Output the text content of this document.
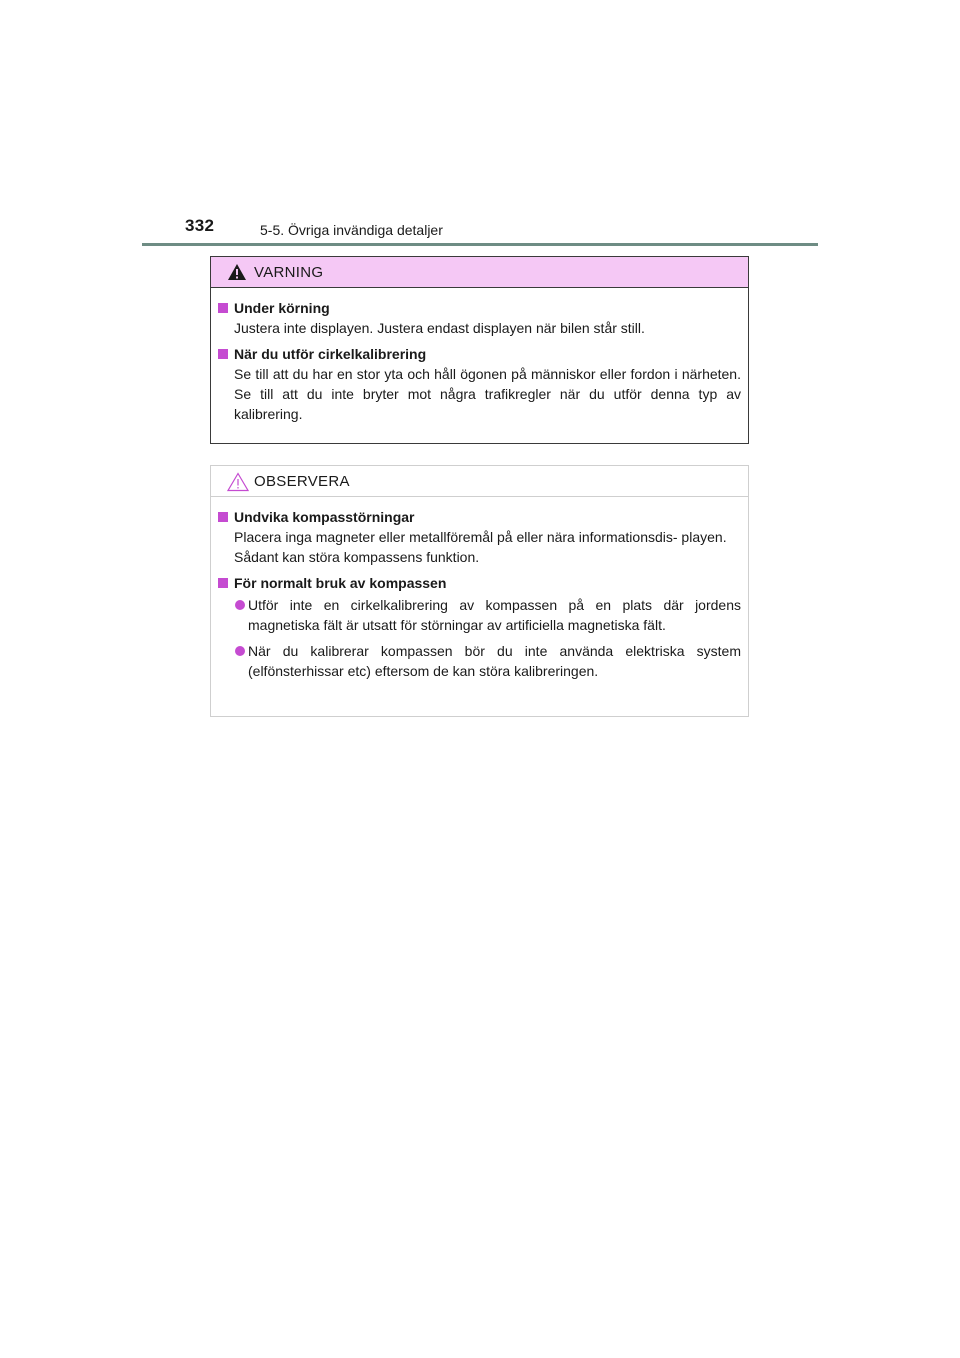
332	5-5. Övriga invändiga detaljer
VARNING
Under körning
Justera inte displayen. Justera endast displayen när bilen står still.
När du utför cirkelkalibrering
Se till att du har en stor yta och håll ögonen på människor eller fordon i närheten. Se till att du inte bryter mot några trafikregler när du utför denna typ av kalibrering.
OBSERVERA
Undvika kompasstörningar

Placera inga magneter eller metallföremål på eller nära informationsdis- playen.

Sådant kan störa kompassens funktion.

För normalt bruk av kompassen
Utför inte en cirkelkalibrering av kompassen på en plats där jordens magnetiska fält är utsatt för störningar av artificiella magnetiska fält.
När du kalibrerar kompassen bör du inte använda elektriska system (elfönsterhissar etc) eftersom de kan störa kalibreringen.
